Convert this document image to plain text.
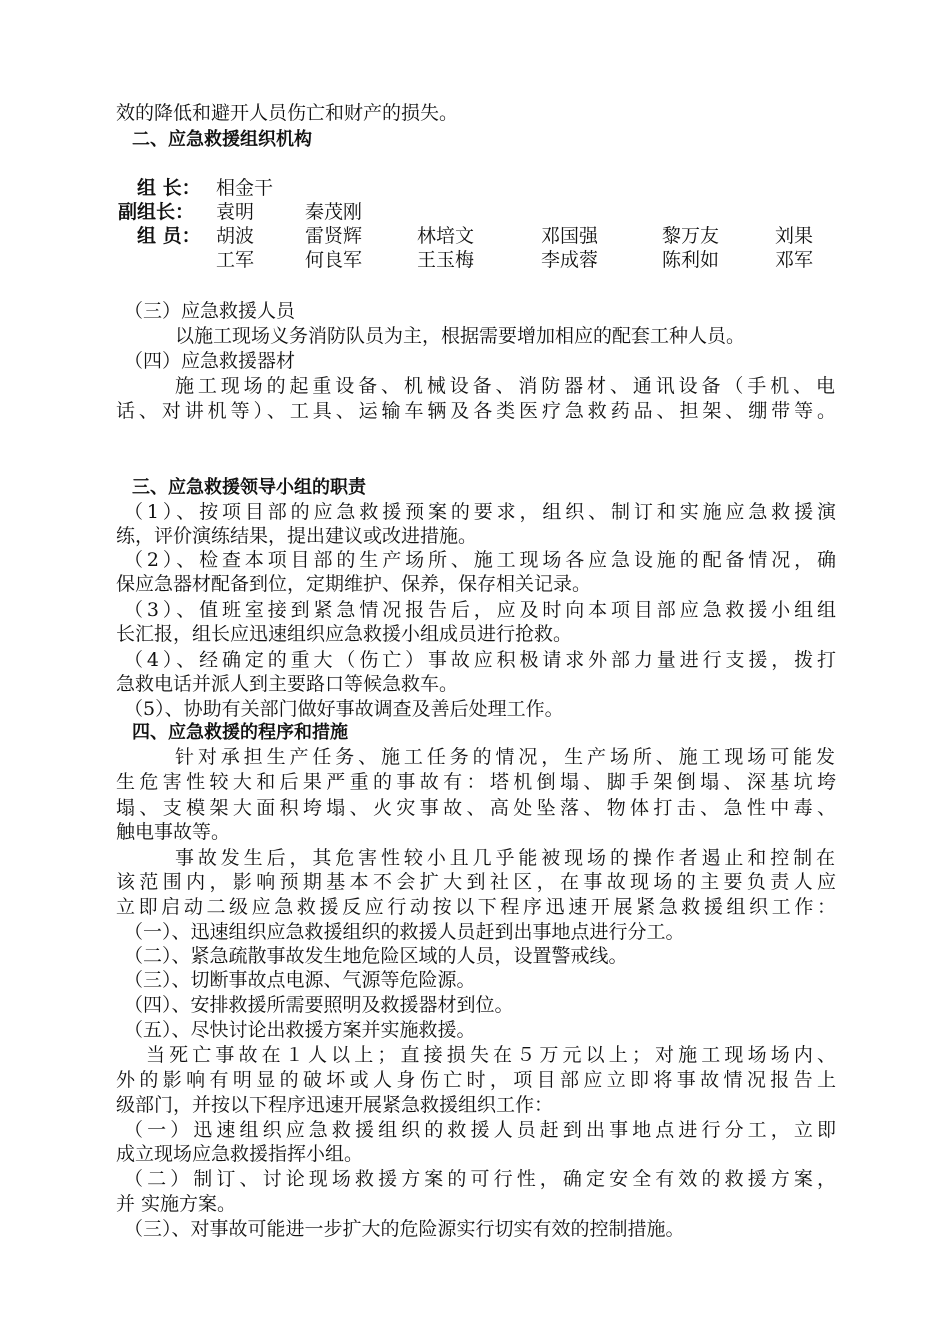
效的降低和避开人员伤亡和财产的损失。
二、应急救援组织机构
组 长： 相金干
副组长： 袁明	秦茂刚
组 员： 胡波	雷贤辉	林培文	邓国强	黎万友	刘果
工军	何良军	王玉梅	李成蓉	陈利如	邓军
（三）应急救援人员
以施工现场义务消防队员为主，根据需要增加相应的配套工种人员。
（四）应急救援器材
施工现场的起重设备、机械设备、消防器材、通讯设备（手机、电
话、对讲机等）、工具、运输车辆及各类医疗急救药品、担架、绷带等。
三、应急救援领导小组的职责
（1）、按项目部的应急救援预案的要求，组织、制订和实施应急救援演
练，评价演练结果，提出建议或改进措施。
（2）、检查本项目部的生产场所、施工现场各应急设施的配备情况，确
保应急器材配备到位，定期维护、保养，保存相关记录。
（3）、值班室接到紧急情况报告后，应及时向本项目部应急救援小组组
长汇报，组长应迅速组织应急救援小组成员进行抢救。
（4）、经确定的重大（伤亡）事故应积极请求外部力量进行支援，拨打
急救电话并派人到主要路口等候急救车。
（5）、协助有关部门做好事故调查及善后处理工作。
四、应急救援的程序和措施
针对承担生产任务、施工任务的情况，生产场所、施工现场可能发
生危害性较大和后果严重的事故有：塔机倒塌、脚手架倒塌、深基坑垮
塌、支模架大面积垮塌、火灾事故、高处坠落、物体打击、急性中毒、
触电事故等。
事故发生后，其危害性较小且几乎能被现场的操作者遏止和控制在
该范围内，影响预期基本不会扩大到社区，在事故现场的主要负责人应
立即启动二级应急救援反应行动按以下程序迅速开展紧急救援组织工作：
（一）、迅速组织应急救援组织的救援人员赶到出事地点进行分工。
（二）、紧急疏散事故发生地危险区域的人员，设置警戒线。
（三）、切断事故点电源、气源等危险源。
（四）、安排救援所需要照明及救援器材到位。
（五）、尽快讨论出救援方案并实施救援。
当死亡事故在１人以上；直接损失在５万元以上；对施工现场场内、
外的影响有明显的破坏或人身伤亡时，项目部应立即将事故情况报告上
级部门，并按以下程序迅速开展紧急救援组织工作：
（一）迅速组织应急救援组织的救援人员赶到出事地点进行分工，立即
成立现场应急救援指挥小组。
（二）制订、讨论现场救援方案的可行性，确定安全有效的救援方案，
并 实施方案。
（三）、对事故可能进一步扩大的危险源实行切实有效的控制措施。
